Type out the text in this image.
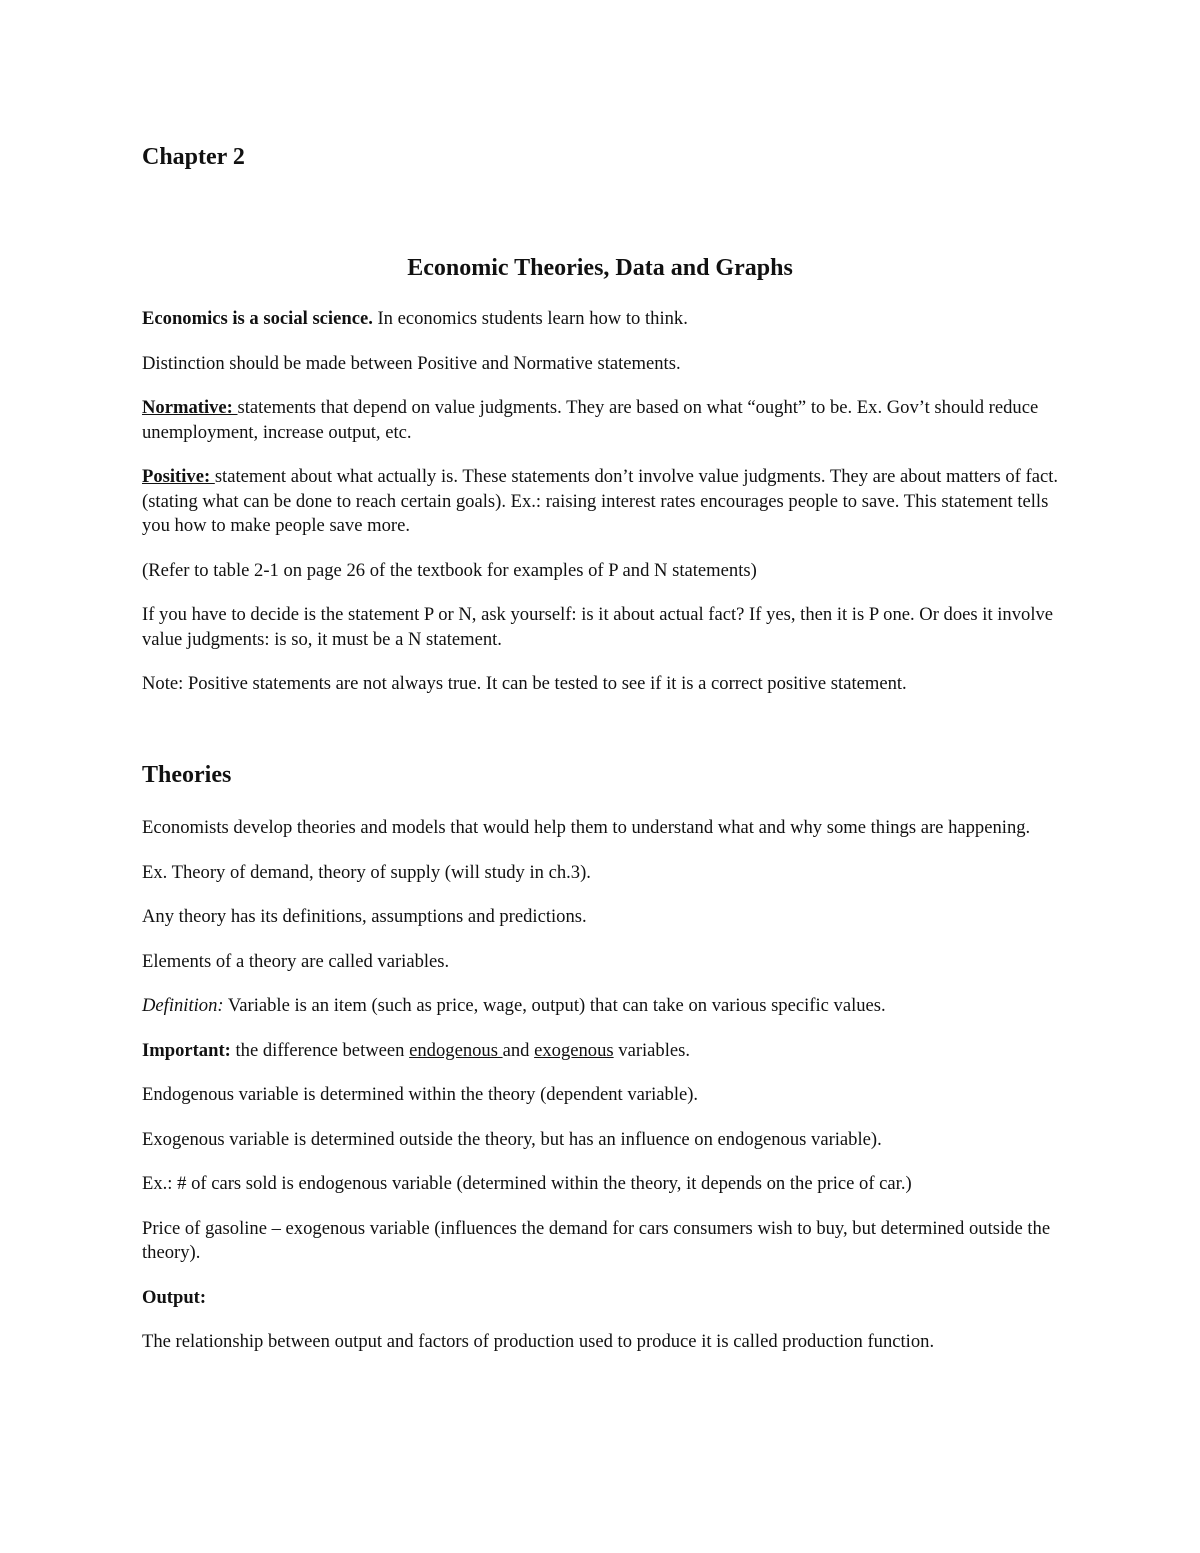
Chapter 2
Economic Theories, Data and Graphs

Economics is a social science. In economics students learn how to think.

Distinction should be made between Positive and Normative statements.

Normative: statements that depend on value judgments. They are based on what “ought” to be. Ex. Gov’t should reduce unemployment, increase output, etc.

Positive: statement about what actually is. These statements don’t involve value judgments. They are about matters of fact. (stating what can be done to reach certain goals). Ex.: raising interest rates encourages people to save. This statement tells you how to make people save more.

(Refer to table 2-1 on page 26 of the textbook for examples of P and N statements)

If you have to decide is the statement P or N, ask yourself: is it about actual fact? If yes, then it is P one. Or does it involve value judgments: is so, it must be a N statement.

Note: Positive statements are not always true. It can be tested to see if it is a correct positive statement.

Theories

Economists develop theories and models that would help them to understand what and why some things are happening.

Ex. Theory of demand, theory of supply (will study in ch.3).

Any theory has its definitions, assumptions and predictions.

Elements of a theory are called variables.

Definition: Variable is an item (such as price, wage, output) that can take on various specific values.

Important: the difference between endogenous and exogenous variables.

Endogenous variable is determined within the theory (dependent variable).

Exogenous variable is determined outside the theory, but has an influence on endogenous variable).

Ex.: # of cars sold is endogenous variable (determined within the theory, it depends on the price of car.)

Price of gasoline – exogenous variable (influences the demand for cars consumers wish to buy, but determined outside the theory).

Output:

The relationship between output and factors of production used to produce it is called production function.
